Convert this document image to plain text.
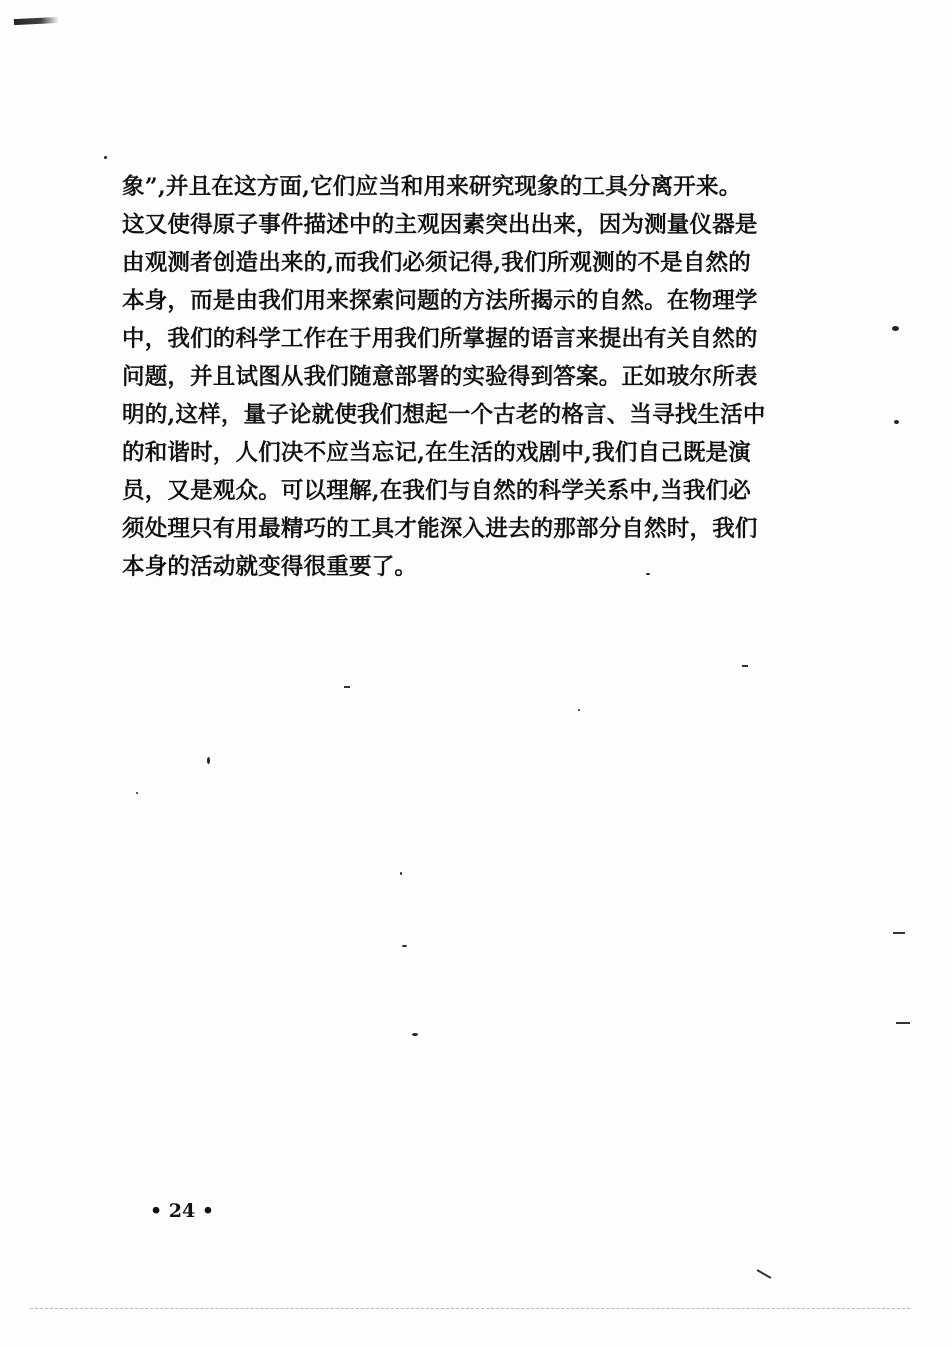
象”,并且在这方面,它们应当和用来研究现象的工具分离开来。
这又使得原子事件描述中的主观因素突出出来，因为测量仪器是
由观测者创造出来的,而我们必须记得,我们所观测的不是自然的
本身，而是由我们用来探索问题的方法所揭示的自然。在物理学
中，我们的科学工作在于用我们所掌握的语言来提出有关自然的
问题，并且试图从我们随意部署的实验得到答案。正如玻尔所表
明的,这样，量子论就使我们想起一个古老的格言、当寻找生活中
的和谐时，人们决不应当忘记,在生活的戏剧中,我们自己既是演
员，又是观众。可以理解,在我们与自然的科学关系中,当我们必
须处理只有用最精巧的工具才能深入进去的那部分自然时，我们
本身的活动就变得很重要了。
• 24 •
